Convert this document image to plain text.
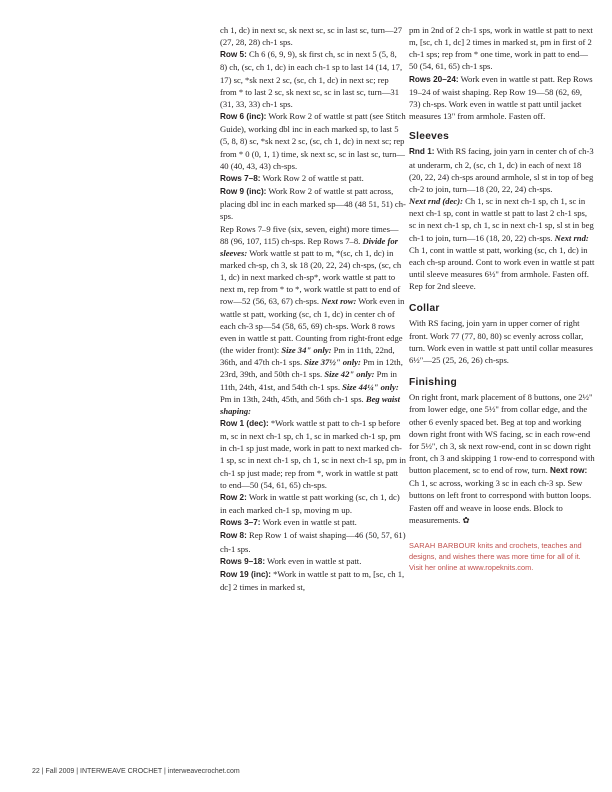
ch 1, dc) in next sc, sk next sc, sc in last sc, turn—27 (27, 28, 28) ch-1 sps.

Row 5: Ch 6 (6, 9, 9), sk first ch, sc in next 5 (5, 8, 8) ch, (sc, ch 1, dc) in each ch-1 sp to last 14 (14, 17, 17) sc, *sk next 2 sc, (sc, ch 1, dc) in next sc; rep from * to last 2 sc, sk next sc, sc in last sc, turn—31 (31, 33, 33) ch-1 sps.

Row 6 (inc): Work Row 2 of wattle st patt (see Stitch Guide), working dbl inc in each marked sp, to last 5 (5, 8, 8) sc, *sk next 2 sc, (sc, ch 1, dc) in next sc; rep from * 0 (0, 1, 1) time, sk next sc, sc in last sc, turn—40 (40, 43, 43) ch-sps.

Rows 7–8: Work Row 2 of wattle st patt.

Row 9 (inc): Work Row 2 of wattle st patt across, placing dbl inc in each marked sp—48 (48 51, 51) ch-sps.

Rep Rows 7–9 five (six, seven, eight) more times—88 (96, 107, 115) ch-sps. Rep Rows 7–8. Divide for sleeves: Work wattle st patt to m, *(sc, ch 1, dc) in marked ch-sp, ch 3, sk 18 (20, 22, 24) ch-sps, (sc, ch 1, dc) in next marked ch-sp*, work wattle st patt to next m, rep from * to *, work wattle st patt to end of row—52 (56, 63, 67) ch-sps. Next row: Work even in wattle st patt, working (sc, ch 1, dc) in center ch of each ch-3 sp—54 (58, 65, 69) ch-sps. Work 8 rows even in wattle st patt. Counting from right-front edge (the wider front): Size 34" only: Pm in 11th, 22nd, 36th, and 47th ch-1 sps. Size 37½" only: Pm in 12th, 23rd, 39th, and 50th ch-1 sps. Size 42" only: Pm in 11th, 24th, 41st, and 54th ch-1 sps. Size 44¼" only: Pm in 13th, 24th, 45th, and 56th ch-1 sps. Beg waist shaping:

Row 1 (dec): *Work wattle st patt to ch-1 sp before m, sc in next ch-1 sp, ch 1, sc in marked ch-1 sp, pm in ch-1 sp just made, work in patt to next marked ch-1 sp, sc in next ch-1 sp, ch 1, sc in next ch-1 sp, pm in ch-1 sp just made; rep from *, work in wattle st patt to end—50 (54, 61, 65) ch-sps.

Row 2: Work in wattle st patt working (sc, ch 1, dc) in each marked ch-1 sp, moving m up.

Rows 3–7: Work even in wattle st patt.

Row 8: Rep Row 1 of waist shaping—46 (50, 57, 61) ch-1 sps.

Rows 9–18: Work even in wattle st patt.

Row 19 (inc): *Work in wattle st patt to m, [sc, ch 1, dc] 2 times in marked st,

pm in 2nd of 2 ch-1 sps, work in wattle st patt to next m, [sc, ch 1, dc] 2 times in marked st, pm in first of 2 ch-1 sps; rep from * one time, work in patt to end—50 (54, 61, 65) ch-1 sps.

Rows 20–24: Work even in wattle st patt. Rep Rows 19–24 of waist shaping. Rep Row 19—58 (62, 69, 73) ch-sps. Work even in wattle st patt until jacket measures 13" from armhole. Fasten off.

Sleeves

Rnd 1: With RS facing, join yarn in center ch of ch-3 at underarm, ch 2, (sc, ch 1, dc) in each of next 18 (20, 22, 24) ch-sps around armhole, sl st in top of beg ch-2 to join, turn—18 (20, 22, 24) ch-sps.

Next rnd (dec): Ch 1, sc in next ch-1 sp, ch 1, sc in next ch-1 sp, cont in wattle st patt to last 2 ch-1 sps, sc in next ch-1 sp, ch 1, sc in next ch-1 sp, sl st in beg ch-1 to join, turn—16 (18, 20, 22) ch-sps. Next rnd: Ch 1, cont in wattle st patt, working (sc, ch 1, dc) in each ch-sp around. Cont to work even in wattle st patt until sleeve measures 6½" from armhole. Fasten off.

Rep for 2nd sleeve.

Collar

With RS facing, join yarn in upper corner of right front. Work 77 (77, 80, 80) sc evenly across collar, turn. Work even in wattle st patt until collar measures 6½"—25 (25, 26, 26) ch-sps.

Finishing

On right front, mark placement of 8 buttons, one 2½" from lower edge, one 5½" from collar edge, and the other 6 evenly spaced bet. Beg at top and working down right front with WS facing, sc in each row-end for 5½", ch 3, sk next row-end, cont in sc down right front, ch 3 and skipping 1 row-end to correspond with button placement, sc to end of row, turn. Next row: Ch 1, sc across, working 3 sc in each ch-3 sp. Sew buttons on left front to correspond with button loops. Fasten off and weave in loose ends. Block to measurements. ✿

SARAH BARBOUR knits and crochets, teaches and designs, and wishes there was more time for all of it. Visit her online at www.ropeknits.com.

22 | Fall 2009 | INTERWEAVE CROCHET | interweavecrochet.com
